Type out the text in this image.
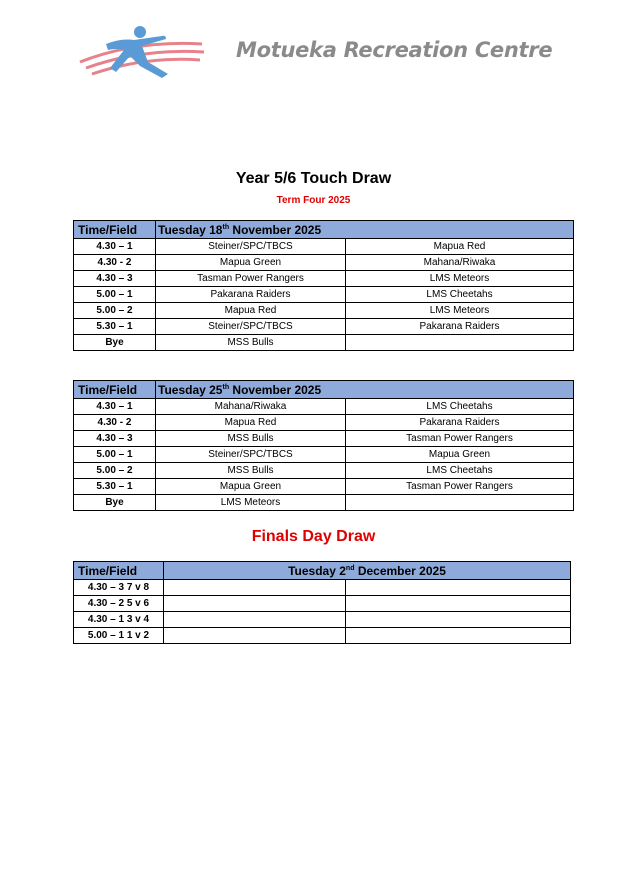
Motueka Recreation Centre
Year 5/6 Touch Draw
Term Four 2025
Time/Field	Tuesday 18th November 2025	
4.30 – 1	Steiner/SPC/TBCS	Mapua Red
4.30 - 2	Mapua Green	Mahana/Riwaka
4.30 – 3	Tasman Power Rangers	LMS Meteors
5.00 – 1	Pakarana Raiders	LMS Cheetahs
5.00 – 2	Mapua Red	LMS Meteors
5.30 – 1	Steiner/SPC/TBCS	Pakarana Raiders
Bye	MSS Bulls	
Time/Field	Tuesday 25th November 2025	
4.30 – 1	Mahana/Riwaka	LMS Cheetahs
4.30 - 2	Mapua Red	Pakarana Raiders
4.30 – 3	MSS Bulls	Tasman Power Rangers
5.00 – 1	Steiner/SPC/TBCS	Mapua Green
5.00 – 2	MSS Bulls	LMS Cheetahs
5.30 – 1	Mapua Green	Tasman Power Rangers
Bye	LMS Meteors	
Finals Day Draw
Time/Field	Tuesday 2nd December 2025	
4.30 – 3 7 v 8		
4.30 – 2 5 v 6		
4.30 – 1 3 v 4		
5.00 – 1 1 v 2		
